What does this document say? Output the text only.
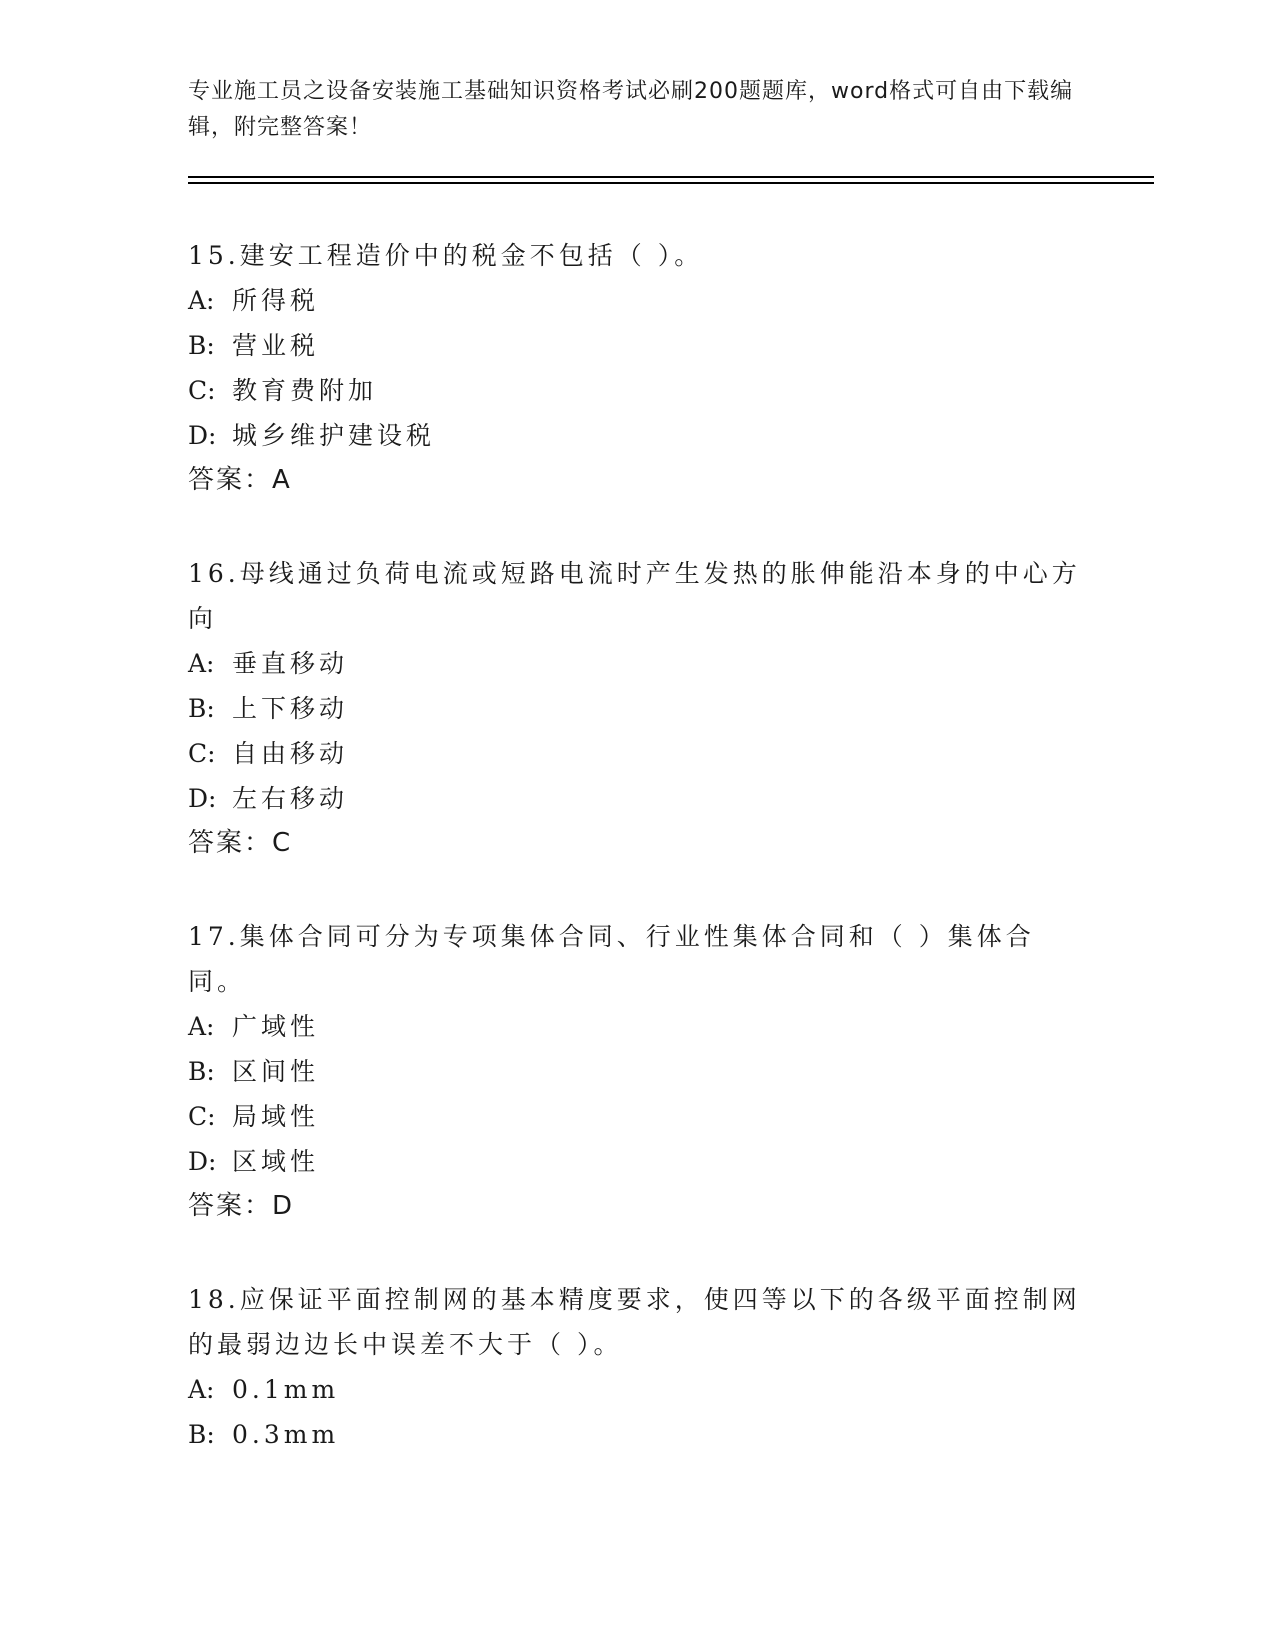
专业施工员之设备安装施工基础知识资格考试必刷200题题库，word格式可自由下载编辑，附完整答案！
15.建安工程造价中的税金不包括（ ）。
A: 所得税
B: 营业税
C: 教育费附加
D: 城乡维护建设税
答案：A
16.母线通过负荷电流或短路电流时产生发热的胀伸能沿本身的中心方向
A: 垂直移动
B: 上下移动
C: 自由移动
D: 左右移动
答案：C
17.集体合同可分为专项集体合同、行业性集体合同和（ ）集体合同。
A: 广域性
B: 区间性
C: 局域性
D: 区域性
答案：D
18.应保证平面控制网的基本精度要求，使四等以下的各级平面控制网的最弱边边长中误差不大于（ ）。
A: 0.1mm
B: 0.3mm
